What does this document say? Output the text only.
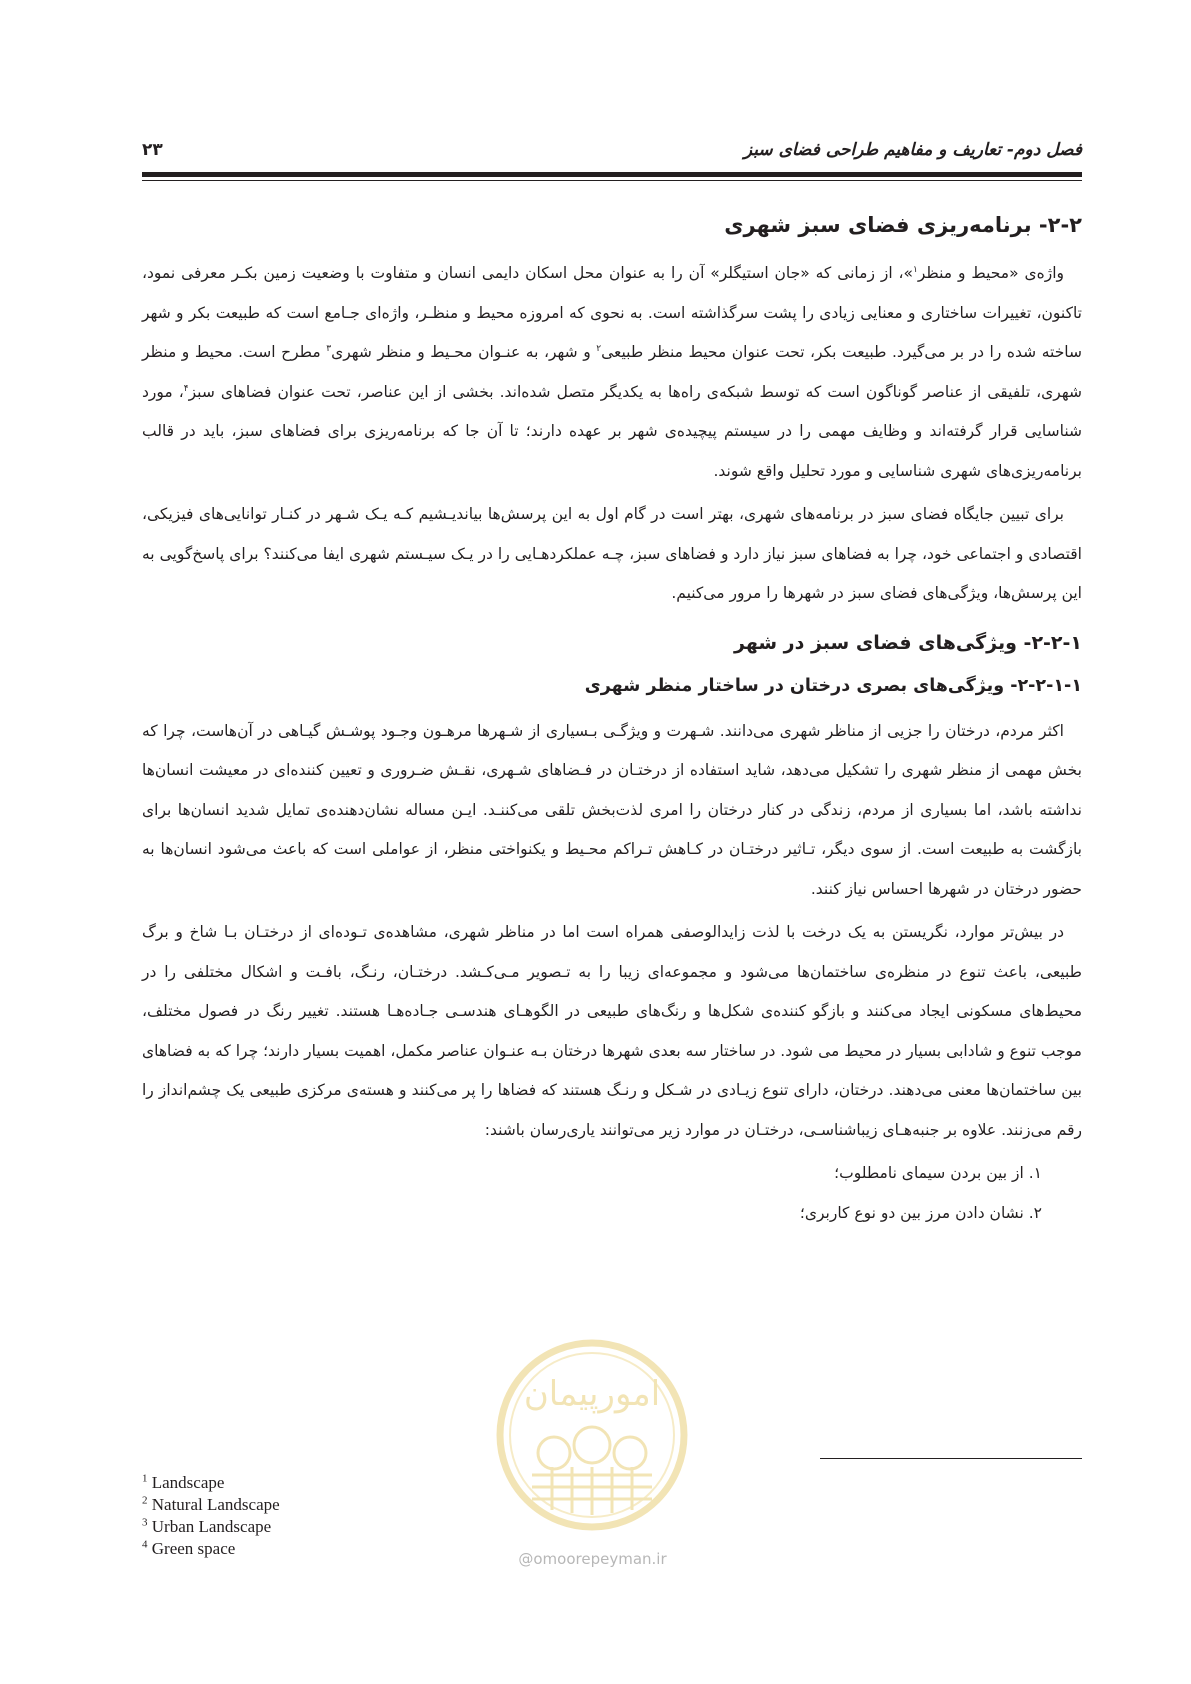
فصل دوم- تعاریف و مفاهیم طراحی فضای سبز
۲۳
۲-۲- برنامه‌ریزی فضای سبز شهری

واژه‌ی «محیط و منظر$^۱$»، از زمانی که «جان استیگلر» آن را به عنوان محل اسکان دایمی انسان و متفاوت با وضعیت زمین بکـر معرفی نمود، تاکنون، تغییرات ساختاری و معنایی زیادی را پشت سرگذاشته است. به نحوی که امروزه محیط و منظـر، واژه‌ای جـامع است که طبیعت بکر و شهر ساخته شده را در بر می‌گیرد. طبیعت بکر، تحت عنوان محیط منظر طبیعی$^۲$ و شهر، به عنـوان محـیط و منظر شهری$^۳$ مطرح است. محیط و منظر شهری، تلفیقی از عناصر گوناگون است که توسط شبکه‌ی راه‌ها به یکدیگر متصل شده‌اند. بخشی از این عناصر، تحت عنوان فضاهای سبز$^۴$، مورد شناسایی قرار گرفته‌اند و وظایف مهمی را در سیستم پیچیده‌ی شهر بر عهده دارند؛ تا آن جا که برنامه‌ریزی برای فضاهای سبز، باید در قالب برنامه‌ریزی‌های شهری شناسایی و مورد تحلیل واقع شوند.

برای تبیین جایگاه فضای سبز در برنامه‌های شهری، بهتر است در گام اول به این پرسش‌ها بیاندیـشیم کـه یـک شـهر در کنـار توانایی‌های فیزیکی، اقتصادی و اجتماعی خود، چرا به فضاهای سبز نیاز دارد و فضاهای سبز، چـه عملکردهـایی را در یـک سیـستم شهری ایفا می‌کنند؟ برای پاسخ‌گویی به این پرسش‌ها، ویژگی‌های فضای سبز در شهرها را مرور می‌کنیم.

۲-۲-۱- ویژگی‌های فضای سبز در شهر
۲-۲-۱-۱- ویژگی‌های بصری درختان در ساختار منظر شهری

اکثر مردم، درختان را جزیی از مناظر شهری می‌دانند. شـهرت و ویژگـی بـسیاری از شـهرها مرهـون وجـود پوشـش گیـاهی در آن‌هاست، چرا که بخش مهمی از منظر شهری را تشکیل می‌دهد، شاید استفاده از درختـان در فـضاهای شـهری، نقـش ضـروری و تعیین کننده‌ای در معیشت انسان‌ها نداشته باشد، اما بسیاری از مردم، زندگی در کنار درختان را امری لذت‌بخش تلقی می‌کننـد. ایـن مساله نشان‌دهنده‌ی تمایل شدید انسان‌ها برای بازگشت به طبیعت است. از سوی دیگر، تـاثیر درختـان در کـاهش تـراکم محـیط و یکنواختی منظر، از عواملی است که باعث می‌شود انسان‌ها به حضور درختان در شهرها احساس نیاز کنند.

در بیش‌تر موارد، نگریستن به یک درخت با لذت زایدالوصفی همراه است اما در مناظر شهری، مشاهده‌ی تـوده‌ای از درختـان بـا شاخ و برگ طبیعی، باعث تنوع در منظره‌ی ساختمان‌ها می‌شود و مجموعه‌ای زیبا را به تـصویر مـی‌کـشد. درختـان، رنـگ، بافـت و اشکال مختلفی را در محیط‌های مسکونی ایجاد می‌کنند و بازگو کننده‌ی شکل‌ها و رنگ‌های طبیعی در الگوهـای هندسـی جـاده‌هـا هستند. تغییر رنگ در فصول مختلف، موجب تنوع و شادابی بسیار در محیط می شود. در ساختار سه بعدی شهرها درختان بـه عنـوان عناصر مکمل، اهمیت بسیار دارند؛ چرا که به فضاهای بین ساختمان‌ها معنی می‌دهند. درختان، دارای تنوع زیـادی در شـکل و رنـگ هستند که فضاها را پر می‌کنند و هسته‌ی مرکزی طبیعی یک چشم‌انداز را رقم می‌زنند. علاوه بر جنبه‌هـای زیباشناسـی، درختـان در موارد زیر می‌توانند یاری‌رسان باشند:

۱. از بین بردن سیمای نامطلوب؛
۲. نشان دادن مرز بین دو نوع کاربری؛
امورپیمان
@omoorepeyman.ir
$^1$ Landscape
$^2$ Natural Landscape
$^3$ Urban Landscape
$^4$ Green space
